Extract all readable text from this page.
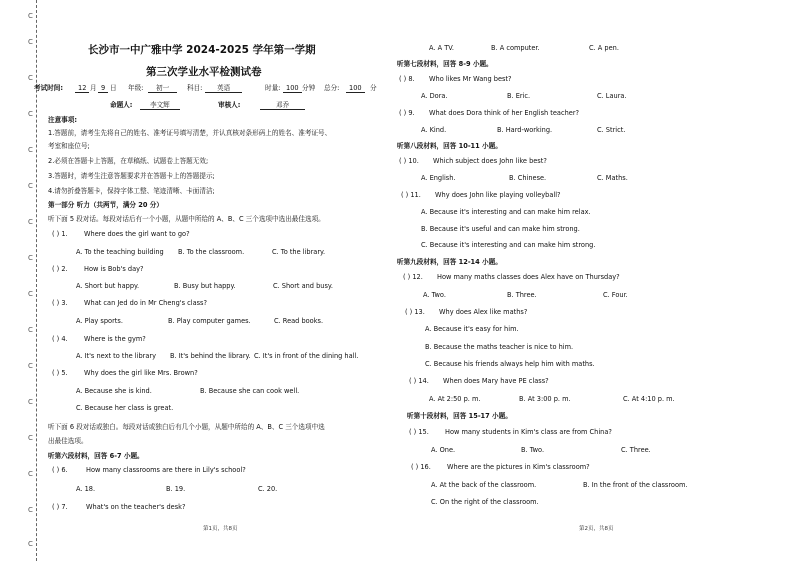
C
C
C
C
C
C
C
C
C
C
C
C
C
C
C
C
长沙市一中广雅中学 2024-2025 学年第一学期
第三次学业水平检测试卷
考试时间:	12 月 9 日 年级:	初一	科目:	英语	时量: 100 分钟 总分:	100	分
命题人:	李文辉	审核人:	邓乔
注意事项:
1.答题前，请考生先将自己的姓名、准考证号填写清楚，并认真核对条形码上的姓名、准考证号、
考室和座位号;
2.必须在答题卡上答题，在草稿纸、试题卷上答题无效;
3.答题时，请考生注意答题要求并在答题卡上的答题提示;
4.请勿折叠答题卡，保持字体工整、笔迹清晰、卡面清洁;
第一部分 听力（共两节，满分 20 分）
听下面 5 段对话。每段对话后有一个小题，从题中所给的 A、B、C 三个选项中选出最佳选项。
( ) 1. Where does the girl want to go?
A. To the teaching building B. To the classroom.	C. To the library.
( ) 2. How is Bob's day?
A. Short but happy.	B. Busy but happy.	C. Short and busy.
( ) 3. What can Jed do in Mr Cheng's class?
A. Play sports.	B. Play computer games.	C. Read books.
( ) 4. Where is the gym?
A. It's next to the library B. It's behind the library. C. It's in front of the dining hall.
( ) 5. Why does the girl like Mrs. Brown?
A. Because she is kind.	B. Because she can cook well.
C. Because her class is great.
听下面 6 段对话或独白。每段对话或独白后有几个小题，从题中所给的 A、B、C 三个选项中选
出最佳选项。
听第六段材料，回答 6-7 小题。
( ) 6.	How many classrooms are there in Lily's school?
A. 18.	B. 19.	C. 20.
( ) 7.	What's on the teacher's desk?
第1页，共8页
A. A TV.	B. A computer.	C. A pen.
听第七段材料，回答 8-9 小题。
( ) 8. Who likes Mr Wang best?
A. Dora.	B. Eric.	C. Laura.
( ) 9. What does Dora think of her English teacher?
A. Kind.	B. Hard-working.	C. Strict.
听第八段材料，回答 10-11 小题。
( ) 10. Which subject does John like best?
A. English.	B. Chinese.	C. Maths.
( ) 11. Why does John like playing volleyball?
A. Because it's interesting and can make him relax.
B. Because it's useful and can make him strong.
C. Because it's interesting and can make him strong.
听第九段材料，回答 12-14 小题。
( ) 12. How many maths classes does Alex have on Thursday?
A. Two.	B. Three.	C. Four.
( ) 13. Why does Alex like maths?
A. Because it's easy for him.
B. Because the maths teacher is nice to him.
C. Because his friends always help him with maths.
( ) 14. When does Mary have PE class?
A. At 2:50 p. m.	B. At 3:00 p. m.	C. At 4:10 p. m.
听第十段材料，回答 15-17 小题。
( ) 15. How many students in Kim's class are from China?
A. One.	B. Two.	C. Three.
( ) 16. Where are the pictures in Kim's classroom?
A. At the back of the classroom.	B. In the front of the classroom.
C. On the right of the classroom.
第2页，共8页
